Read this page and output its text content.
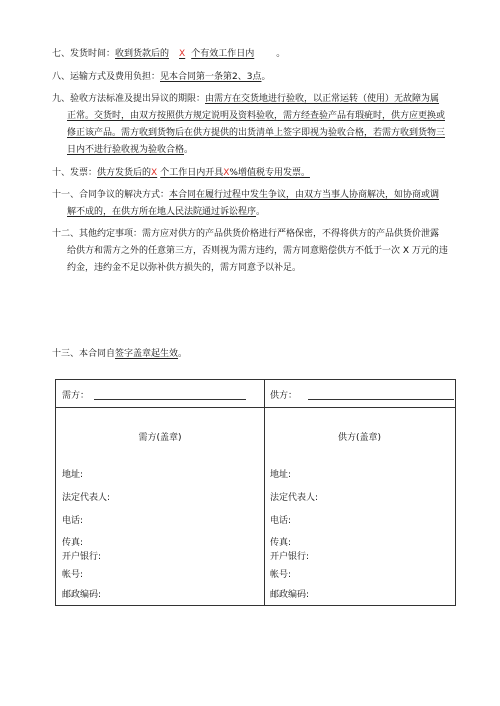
七、发货时间：收到货款后的 X 个有效工作日内 。
八、运输方式及费用负担：见本合同第一条第2、3点。
九、验收方法标准及提出异议的期限：由需方在交货地进行验收，以正常运转（使用）无故障为属
正常。交货时，由双方按照供方规定说明及资料验收，需方经查验产品有瑕疵时，供方应更换或
修正该产品。需方收到货物后在供方提供的出货清单上签字即视为验收合格，若需方收到货物三
日内不进行验收视为验收合格。
十、发票：供方发货后的X 个工作日内开具X%增值税专用发票。
十一、合同争议的解决方式：本合同在履行过程中发生争议，由双方当事人协商解决，如协商或调
解不成的，在供方所在地人民法院通过诉讼程序。
十二、其他约定事项：需方应对供方的产品供货价格进行严格保密，不得将供方的产品供货价泄露
给供方和需方之外的任意第三方，否则视为需方违约，需方同意赔偿供方不低于一次 X 万元的违
约金，违约金不足以弥补供方损失的，需方同意予以补足。
十三、本合同自签字盖章起生效。
需方：
需方(盖章)
地址:
法定代表人:
电话:
传真:
开户银行:
帐号:
邮政编码:
供方：
供方(盖章)
地址:
法定代表人:
电话:
传真:
开户银行:
帐号:
邮政编码:
